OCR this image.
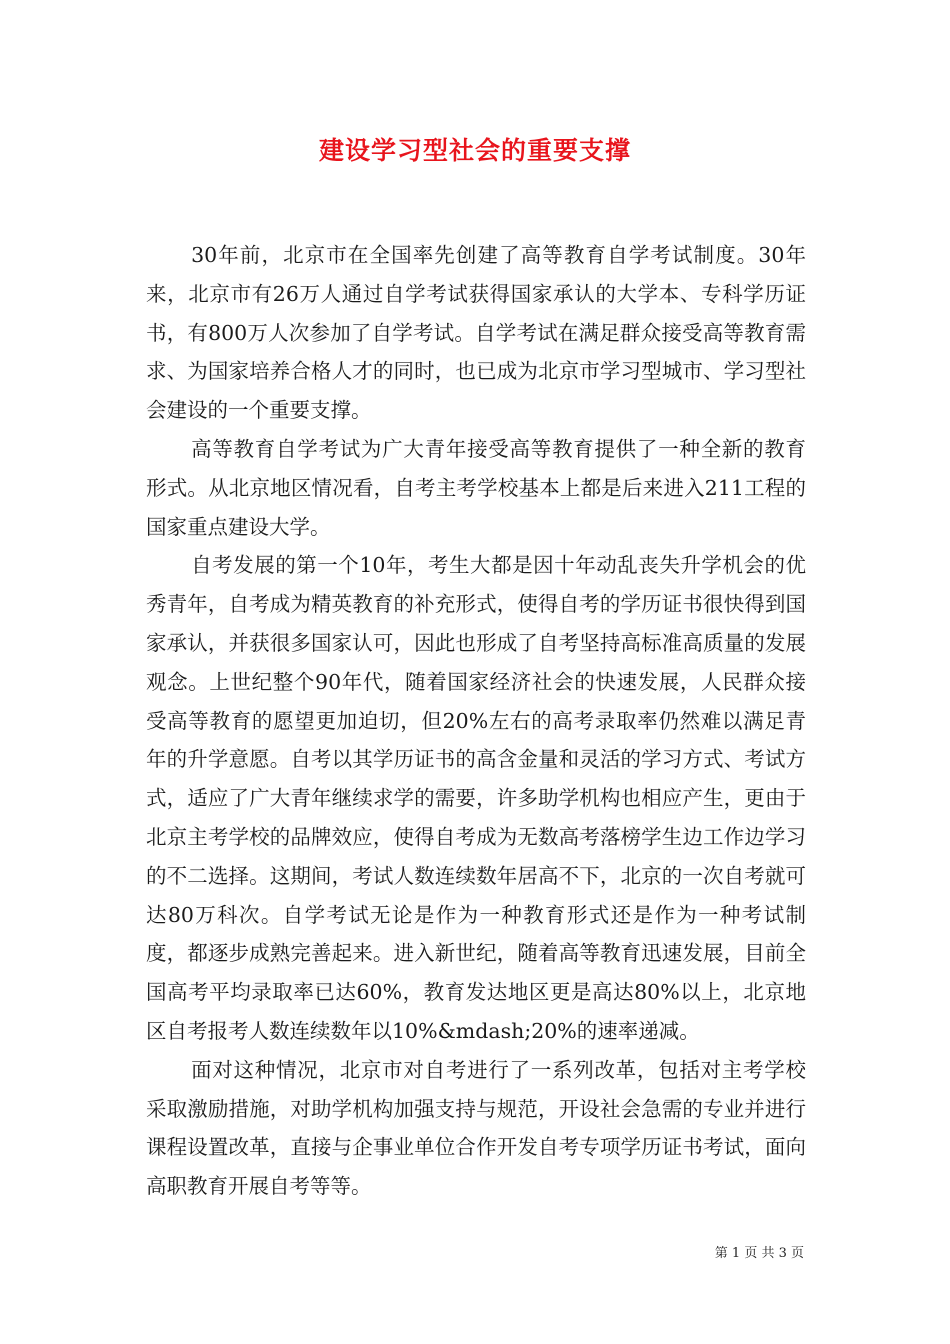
建设学习型社会的重要支撑

30年前，北京市在全国率先创建了高等教育自学考试制度。30年来，北京市有26万人通过自学考试获得国家承认的大学本、专科学历证书，有800万人次参加了自学考试。自学考试在满足群众接受高等教育需求、为国家培养合格人才的同时，也已成为北京市学习型城市、学习型社会建设的一个重要支撑。

高等教育自学考试为广大青年接受高等教育提供了一种全新的教育形式。从北京地区情况看，自考主考学校基本上都是后来进入211工程的国家重点建设大学。

自考发展的第一个10年，考生大都是因十年动乱丧失升学机会的优秀青年，自考成为精英教育的补充形式，使得自考的学历证书很快得到国家承认，并获很多国家认可，因此也形成了自考坚持高标准高质量的发展观念。上世纪整个90年代，随着国家经济社会的快速发展，人民群众接受高等教育的愿望更加迫切，但20%左右的高考录取率仍然难以满足青年的升学意愿。自考以其学历证书的高含金量和灵活的学习方式、考试方式，适应了广大青年继续求学的需要，许多助学机构也相应产生，更由于北京主考学校的品牌效应，使得自考成为无数高考落榜学生边工作边学习的不二选择。这期间，考试人数连续数年居高不下，北京的一次自考就可达80万科次。自学考试无论是作为一种教育形式还是作为一种考试制度，都逐步成熟完善起来。进入新世纪，随着高等教育迅速发展，目前全国高考平均录取率已达60%，教育发达地区更是高达80%以上，北京地区自考报考人数连续数年以10%&mdash;20%的速率递减。

面对这种情况，北京市对自考进行了一系列改革，包括对主考学校采取激励措施，对助学机构加强支持与规范，开设社会急需的专业并进行课程设置改革，直接与企事业单位合作开发自考专项学历证书考试，面向高职教育开展自考等等。

第 1 页 共 3 页
